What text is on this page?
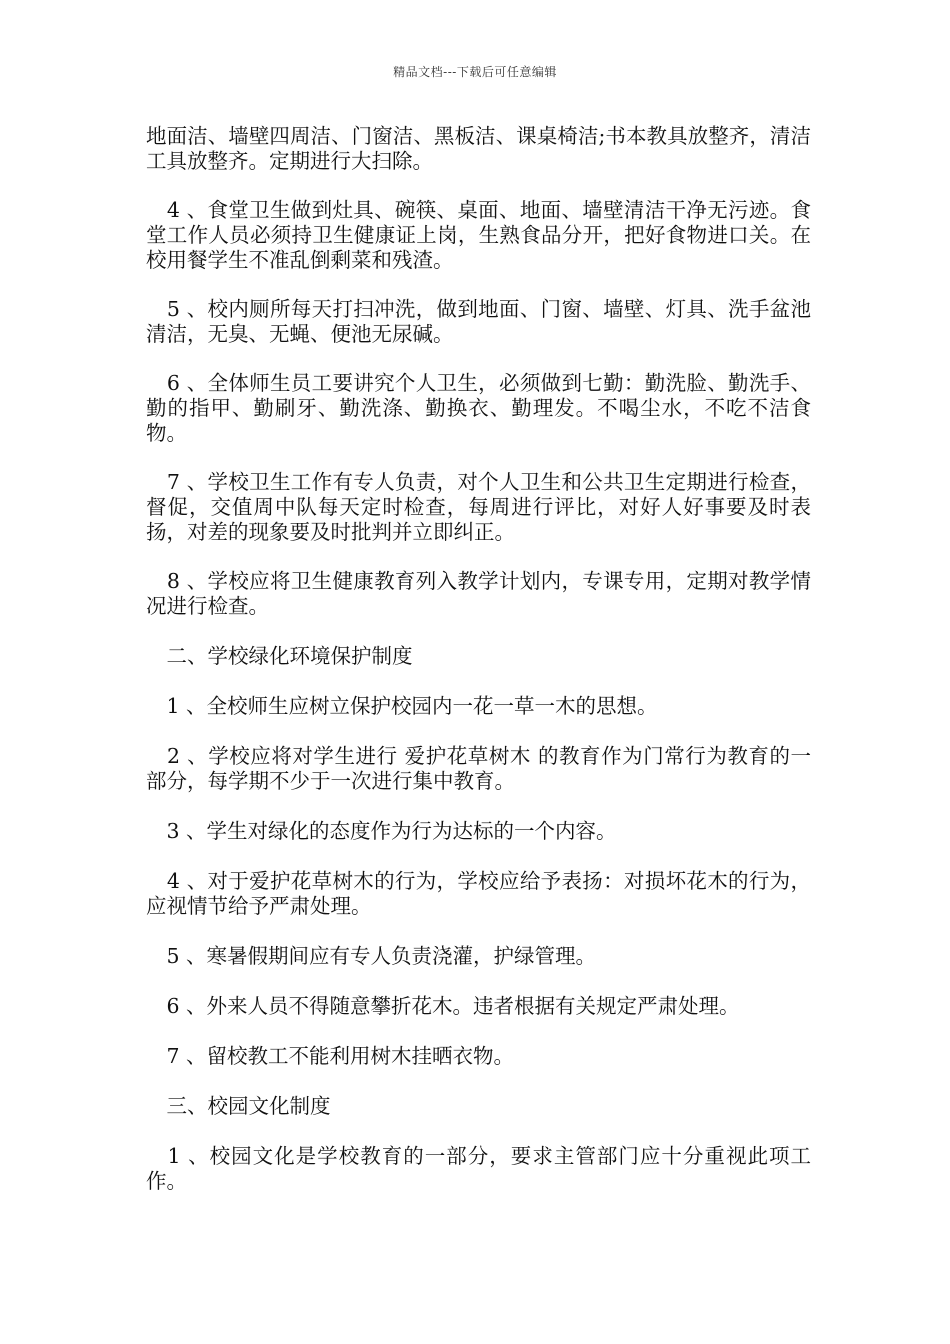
精品文档---下载后可任意编辑

地面洁、墙壁四周洁、门窗洁、黑板洁、课桌椅洁;书本教具放整齐，清洁工具放整齐。定期进行大扫除。

　4 、食堂卫生做到灶具、碗筷、桌面、地面、墙壁清洁干净无污迹。食堂工作人员必须持卫生健康证上岗，生熟食品分开，把好食物进口关。在校用餐学生不准乱倒剩菜和残渣。

　5 、校内厕所每天打扫冲洗，做到地面、门窗、墙壁、灯具、洗手盆池清洁，无臭、无蝇、便池无尿碱。

　6 、全体师生员工要讲究个人卫生，必须做到七勤：勤洗脸、勤洗手、勤的指甲、勤刷牙、勤洗涤、勤换衣、勤理发。不喝尘水，不吃不洁食物。

　7 、学校卫生工作有专人负责，对个人卫生和公共卫生定期进行检查，督促，交值周中队每天定时检查，每周进行评比，对好人好事要及时表扬，对差的现象要及时批判并立即纠正。

　8 、学校应将卫生健康教育列入教学计划内，专课专用，定期对教学情况进行检查。

　二、学校绿化环境保护制度

　1 、全校师生应树立保护校园内一花一草一木的思想。

　2 、学校应将对学生进行 爱护花草树木 的教育作为门常行为教育的一部分，每学期不少于一次进行集中教育。

　3 、学生对绿化的态度作为行为达标的一个内容。

　4 、对于爱护花草树木的行为，学校应给予表扬：对损坏花木的行为，应视情节给予严肃处理。

　5 、寒暑假期间应有专人负责浇灌，护绿管理。

　6 、外来人员不得随意攀折花木。违者根据有关规定严肃处理。

　7 、留校教工不能利用树木挂晒衣物。

　三、校园文化制度

　1 、校园文化是学校教育的一部分，要求主管部门应十分重视此项工作。
